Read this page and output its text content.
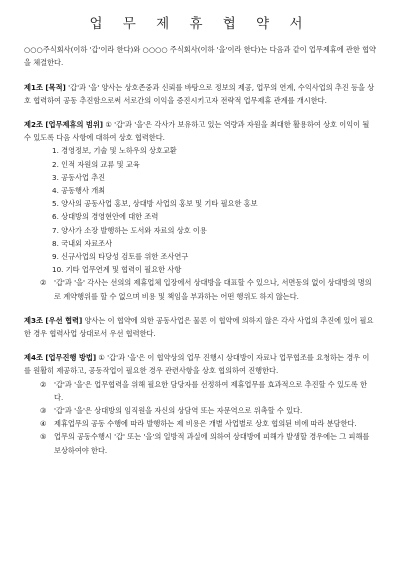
업 무 제 휴 협 약 서
○○○주식회사(이하 '갑'이라 한다)와 ○○○○ 주식회사(이하 '을'이라 한다)는 다음과 같이 업무제휴에 관한 협약을 체결한다.
제1조 [목적] '갑'과 '을' 양사는 상호존중과 신뢰를 바탕으로 정보의 제공, 업무의 연계, 수익사업의 추진 등을 상호 협력하여 공동 추진함으로써 서로간의 이익을 증진시키고자 전략적 업무제휴 관계를 개시한다.
제2조 [업무제휴의 범위] ① '갑'과 '을'은 각사가 보유하고 있는 역량과 자원을 최대한 활용하여 상호 이익이 될 수 있도록 다음 사항에 대하여 상호 협력한다.
1. 경영정보, 기술 및 노하우의 상호교환
2. 인적 자원의 교류 및 교육
3. 공동사업 추진
4. 공동행사 개최
5. 양사의 공동사업 홍보, 상대방 사업의 홍보 및 기타 필요한 홍보
6. 상대방의 경영현안에 대한 조력
7. 양사가 소장 발행하는 도서와 자료의 상호 이용
8. 국내외 자료조사
9. 신규사업의 타당성 검토를 위한 조사연구
10. 기타 업무연계 및 협력이 필요한 사항
②	'갑'과 '을' 각사는 선의의 제휴업체 입장에서 상대방을 대표할 수 있으나, 서면동의 없이 상대방의 명의로 계약행위를 할 수 없으며 비용 및 책임을 부과하는 어떤 행위도 하지 않는다.
제3조 [우선 협력] 양사는 이 협약에 의한 공동사업은 물론 이 협약에 의하지 않은 각사 사업의 추진에 있어 필요한 경우 협력사업 상대로서 우선 협력한다.
제4조 [업무진행 방법] ① '갑'과 '을'은 이 협약상의 업무 진행시 상대방이 자료나 업무협조를 요청하는 경우 이를 원활히 제공하고, 공동작업이 필요한 경우 관련사항을 상호 협의하여 진행한다.
②	'갑'과 '을'은 업무협력을 위해 필요한 담당자를 선정하여 제휴업무를 효과적으로 추진할 수 있도록 한다.
③	'갑'과 '을'은 상대방의 임직원을 자신의 상담역 또는 자문역으로 위촉할 수 있다.
④	제휴업무의 공동 수행에 따라 발행하는 제 비용은 개별 사업별로 상호 협의된 비에 따라 분담한다.
⑤	업무의 공동수행시 '갑' 또는 '을'의 일방적 과실에 의하여 상대방에 피해가 발생할 경우에는 그 피해를 보상하여야 한다.
